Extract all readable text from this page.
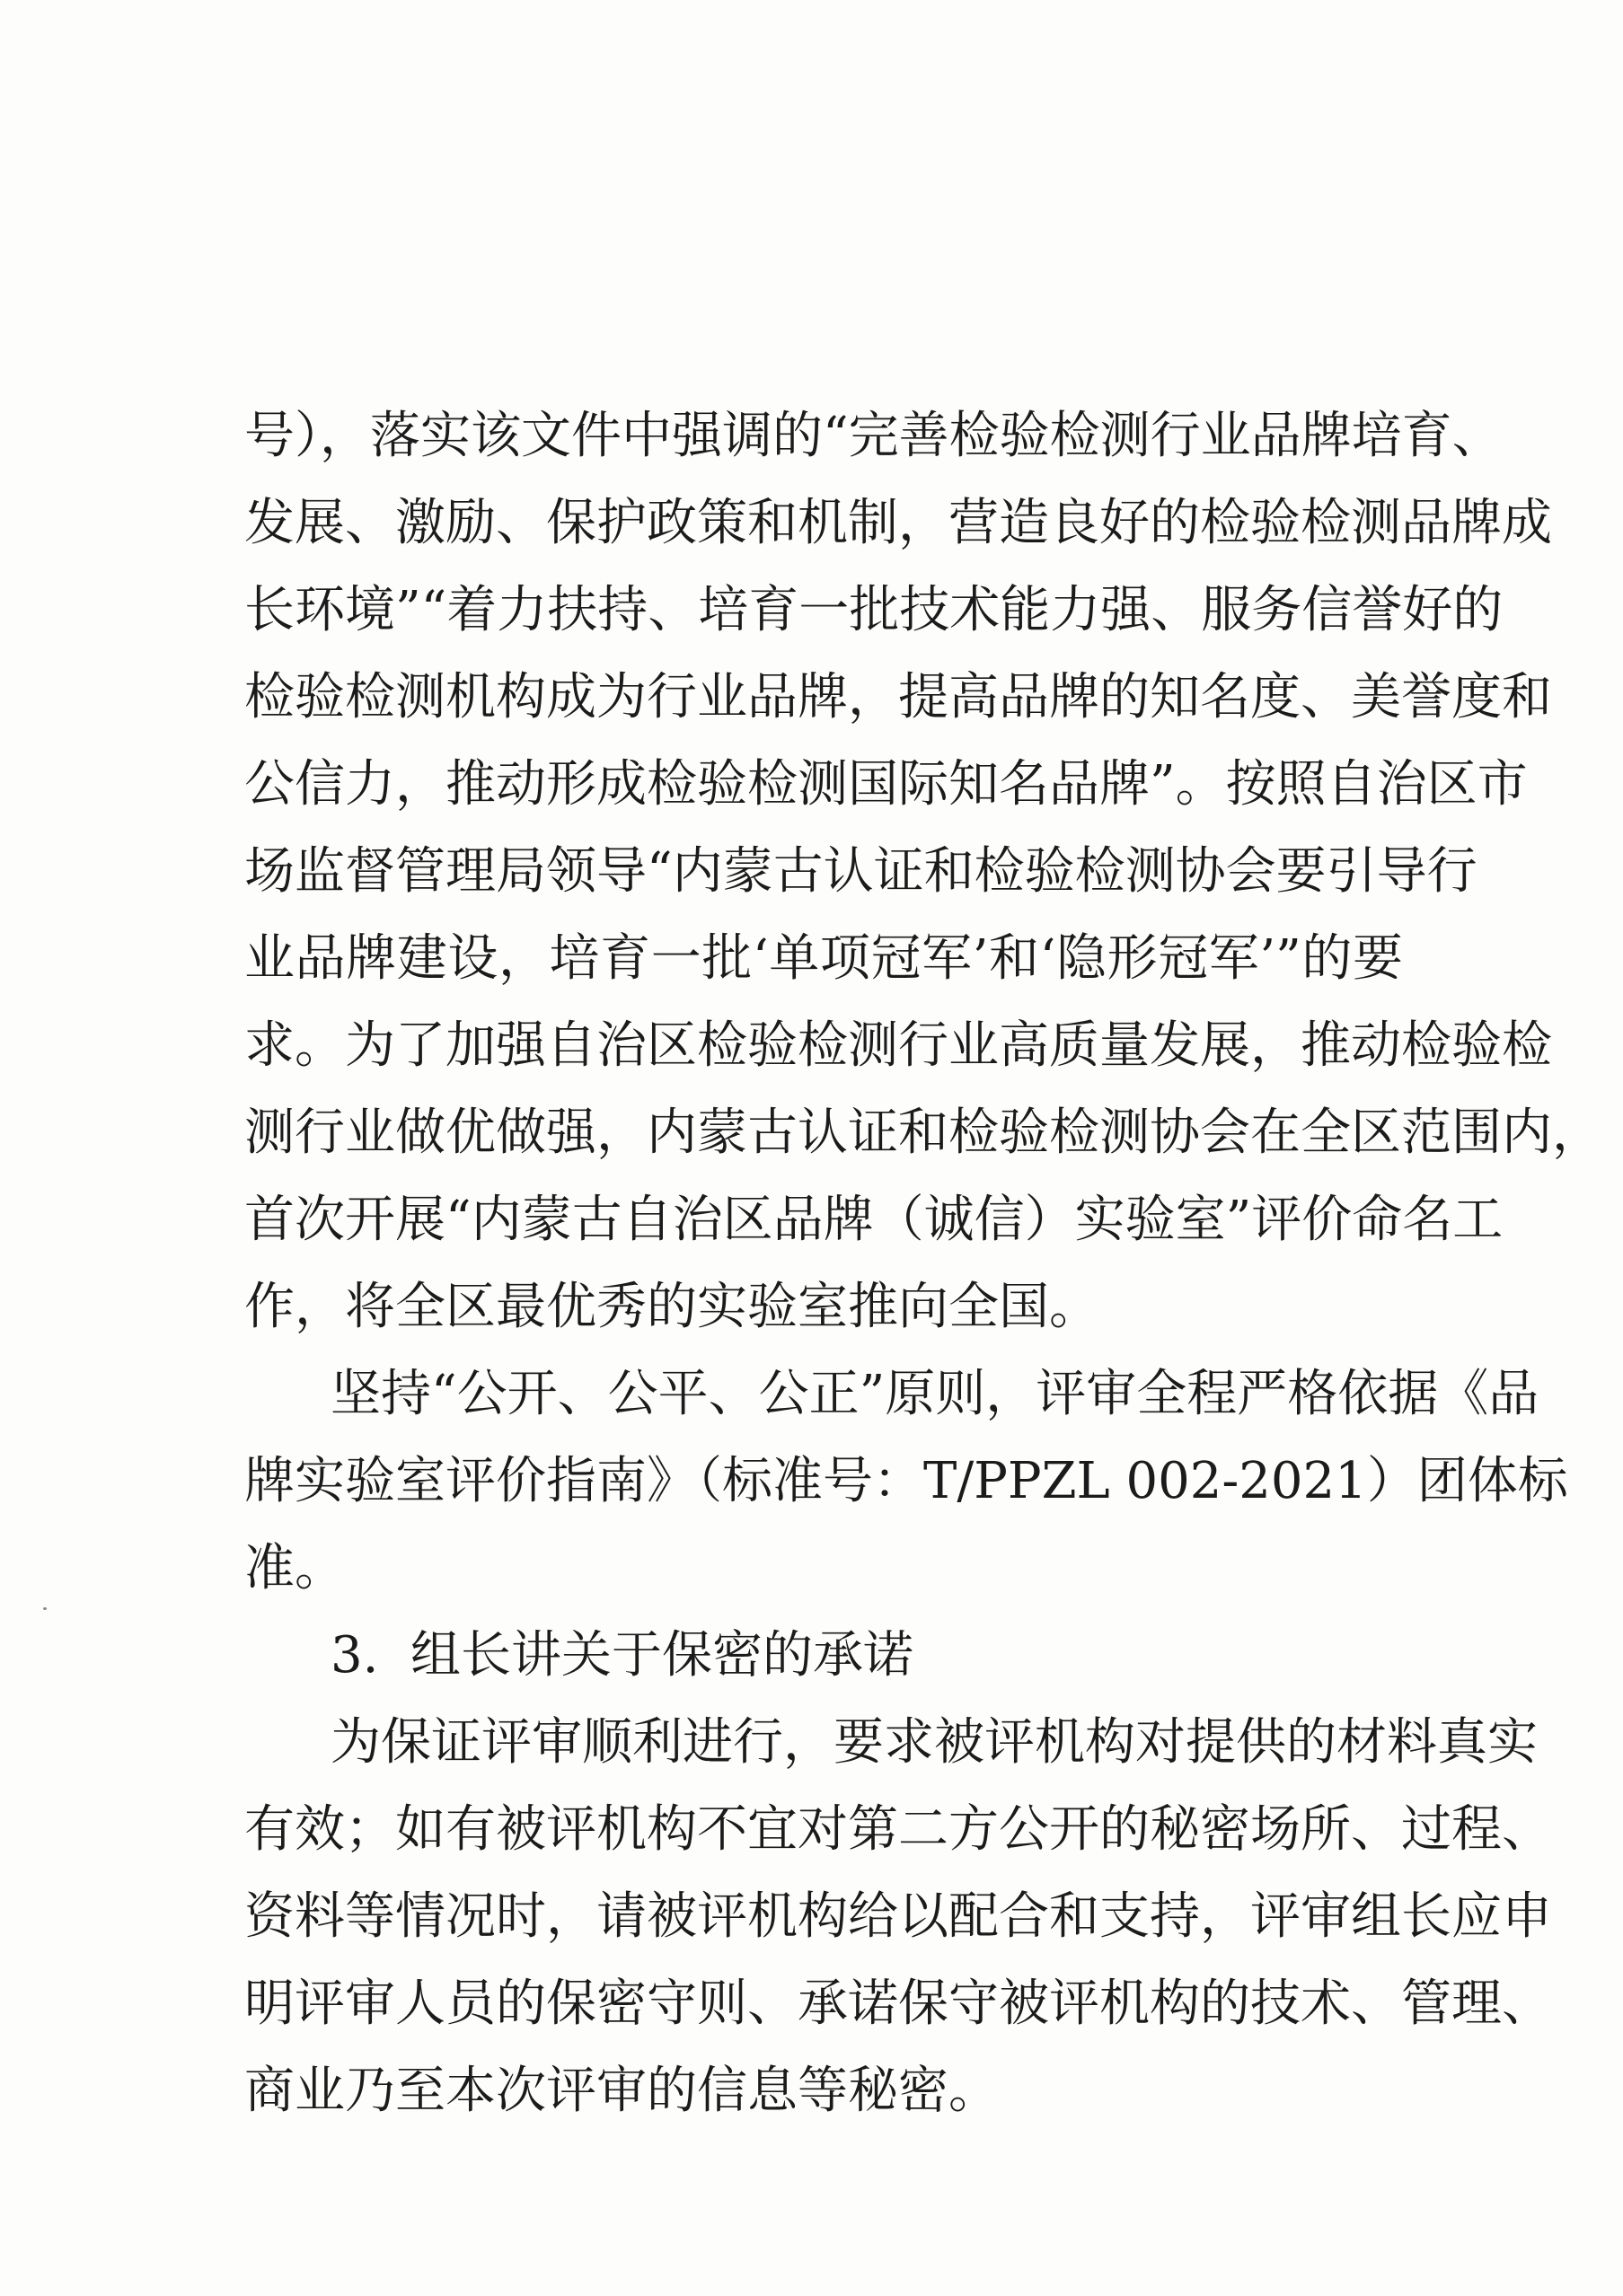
号），落实该文件中强调的“完善检验检测行业品牌培育、
发展、激励、保护政策和机制，营造良好的检验检测品牌成
长环境”“着力扶持、培育一批技术能力强、服务信誉好的
检验检测机构成为行业品牌，提高品牌的知名度、美誉度和
公信力，推动形成检验检测国际知名品牌”。按照自治区市
场监督管理局领导“内蒙古认证和检验检测协会要引导行
业品牌建设，培育一批‘单项冠军’和‘隐形冠军’”的要
求。为了加强自治区检验检测行业高质量发展，推动检验检
测行业做优做强，内蒙古认证和检验检测协会在全区范围内，
首次开展“内蒙古自治区品牌（诚信）实验室”评价命名工
作，将全区最优秀的实验室推向全国。
坚持“公开、公平、公正”原则，评审全程严格依据《品
牌实验室评价指南》（标准号：T/PPZL 002-2021）团体标
准。
3.  组长讲关于保密的承诺
为保证评审顺利进行，要求被评机构对提供的材料真实
有效；如有被评机构不宜对第二方公开的秘密场所、过程、
资料等情况时，请被评机构给以配合和支持，评审组长应申
明评审人员的保密守则、承诺保守被评机构的技术、管理、
商业乃至本次评审的信息等秘密。
